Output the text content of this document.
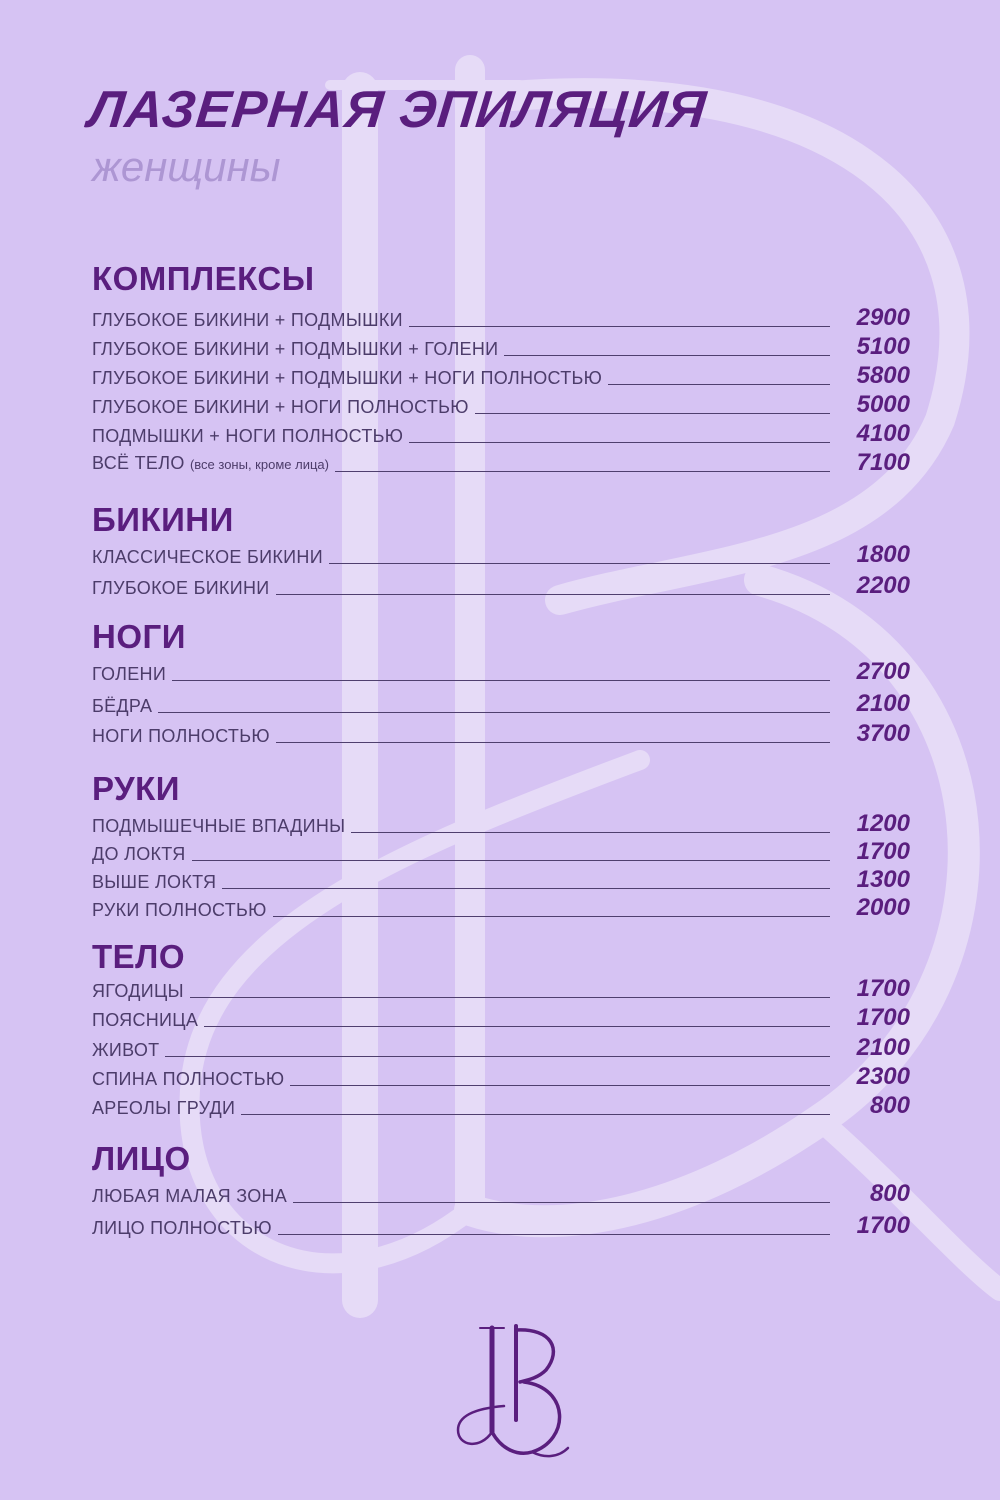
ЛАЗЕРНАЯ ЭПИЛЯЦИЯ
женщины
КОМПЛЕКСЫ
ГЛУБОКОЕ БИКИНИ + ПОДМЫШКИ	2900
ГЛУБОКОЕ БИКИНИ + ПОДМЫШКИ + ГОЛЕНИ	5100
ГЛУБОКОЕ БИКИНИ + ПОДМЫШКИ + НОГИ ПОЛНОСТЬЮ	5800
ГЛУБОКОЕ БИКИНИ + НОГИ ПОЛНОСТЬЮ	5000
ПОДМЫШКИ + НОГИ ПОЛНОСТЬЮ	4100
ВСЁ ТЕЛО (все зоны, кроме лица)	7100
БИКИНИ
КЛАССИЧЕСКОЕ БИКИНИ	1800
ГЛУБОКОЕ БИКИНИ	2200
НОГИ
ГОЛЕНИ	2700
БЁДРА	2100
НОГИ ПОЛНОСТЬЮ	3700
РУКИ
ПОДМЫШЕЧНЫЕ ВПАДИНЫ	1200
ДО ЛОКТЯ	1700
ВЫШЕ ЛОКТЯ	1300
РУКИ ПОЛНОСТЬЮ	2000
ТЕЛО
ЯГОДИЦЫ	1700
ПОЯСНИЦА	1700
ЖИВОТ	2100
СПИНА ПОЛНОСТЬЮ	2300
АРЕОЛЫ ГРУДИ	800
ЛИЦО
ЛЮБАЯ МАЛАЯ ЗОНА	800
ЛИЦО ПОЛНОСТЬЮ	1700
